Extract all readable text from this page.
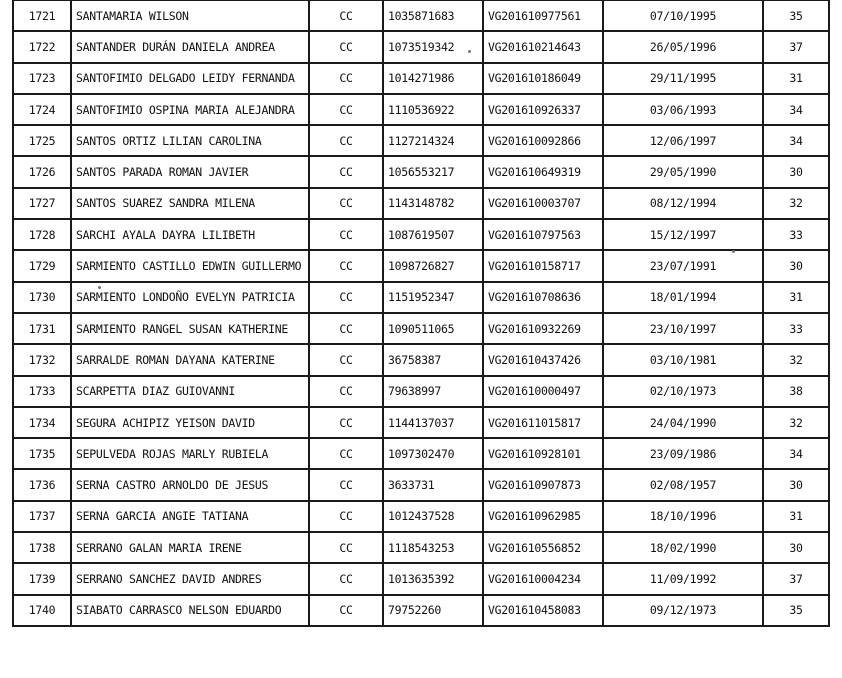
1721	SANTAMARIA WILSON	CC	1035871683	VG201610977561	07/10/1995	35
1722	SANTANDER DURÁN DANIELA ANDREA	CC	1073519342	VG201610214643	26/05/1996	37
1723	SANTOFIMIO DELGADO LEIDY FERNANDA	CC	1014271986	VG201610186049	29/11/1995	31
1724	SANTOFIMIO OSPINA MARIA ALEJANDRA	CC	1110536922	VG201610926337	03/06/1993	34
1725	SANTOS ORTIZ LILIAN CAROLINA	CC	1127214324	VG201610092866	12/06/1997	34
1726	SANTOS PARADA ROMAN JAVIER	CC	1056553217	VG201610649319	29/05/1990	30
1727	SANTOS SUAREZ SANDRA MILENA	CC	1143148782	VG201610003707	08/12/1994	32
1728	SARCHI AYALA DAYRA LILIBETH	CC	1087619507	VG201610797563	15/12/1997	33
1729	SARMIENTO CASTILLO EDWIN GUILLERMO	CC	1098726827	VG201610158717	23/07/1991	30
1730	SARMIENTO LONDOÑO EVELYN PATRICIA	CC	1151952347	VG201610708636	18/01/1994	31
1731	SARMIENTO RANGEL SUSAN KATHERINE	CC	1090511065	VG201610932269	23/10/1997	33
1732	SARRALDE ROMAN DAYANA KATERINE	CC	36758387	VG201610437426	03/10/1981	32
1733	SCARPETTA DIAZ GUIOVANNI	CC	79638997	VG201610000497	02/10/1973	38
1734	SEGURA ACHIPIZ YEISON DAVID	CC	1144137037	VG201611015817	24/04/1990	32
1735	SEPULVEDA ROJAS MARLY RUBIELA	CC	1097302470	VG201610928101	23/09/1986	34
1736	SERNA CASTRO ARNOLDO DE JESUS	CC	3633731	VG201610907873	02/08/1957	30
1737	SERNA GARCIA ANGIE TATIANA	CC	1012437528	VG201610962985	18/10/1996	31
1738	SERRANO GALAN MARIA IRENE	CC	1118543253	VG201610556852	18/02/1990	30
1739	SERRANO SANCHEZ DAVID ANDRES	CC	1013635392	VG201610004234	11/09/1992	37
1740	SIABATO CARRASCO NELSON EDUARDO	CC	79752260	VG201610458083	09/12/1973	35
